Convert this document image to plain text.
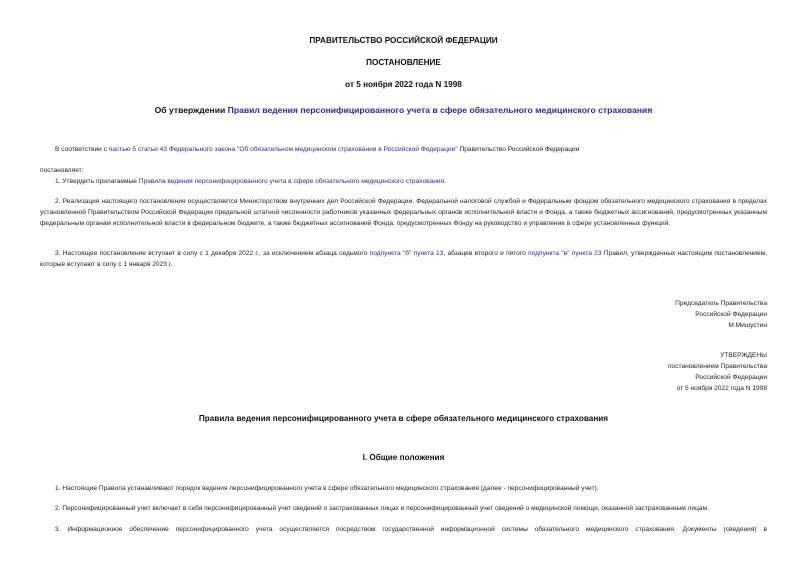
ПРАВИТЕЛЬСТВО РОССИЙСКОЙ ФЕДЕРАЦИИ
ПОСТАНОВЛЕНИЕ
от 5 ноября 2022 года N 1998
Об утверждении Правил ведения персонифицированного учета в сфере обязательного медицинского страхования
В соответствии с частью 5 статьи 43 Федерального закона "Об обязательном медицинском страховании в Российской Федерации" Правительство Российской Федерации
постановляет:
1. Утвердить прилагаемые Правила ведения персонифицированного учета в сфере обязательного медицинского страхования.
2. Реализация настоящего постановления осуществляется Министерством внутренних дел Российской Федерации, Федеральной налоговой службой и Федеральным фондом обязательного медицинского страхования в пределах установленной Правительством Российской Федерации предельной штатной численности работников указанных федеральных органов исполнительной власти и Фонда, а также бюджетных ассигнований, предусмотренных указанным федеральным органам исполнительной власти в федеральном бюджете, а также бюджетных ассигнований Фонда, предусмотренных Фонду на руководство и управление в сфере установленных функций.
3. Настоящее постановление вступает в силу с 1 декабря 2022 г., за исключением абзаца седьмого подпункта "б" пункта 13, абзацев второго и пятого подпункта "в" пункта 23 Правил, утвержденных настоящим постановлением, которые вступают в силу с 1 января 2023 г.
Председатель Правительства
Российской Федерации
М.Мишустин
УТВЕРЖДЕНЫ
постановлением Правительства
Российской Федерации
от 5 ноября 2022 года N 1998
Правила ведения персонифицированного учета в сфере обязательного медицинского страхования
I. Общие положения
1. Настоящие Правила устанавливают порядок ведения персонифицированного учета в сфере обязательного медицинского страхования (далее - персонифицированный учет).
2. Персонифицированный учет включает в себя персонифицированный учет сведений о застрахованных лицах и персонифицированный учет сведений о медицинской помощи, оказанной застрахованным лицам.
3. Информационное обеспечение персонифицированного учета осуществляется посредством государственной информационной системы обязательного медицинского страхования. Документы (сведения) в
